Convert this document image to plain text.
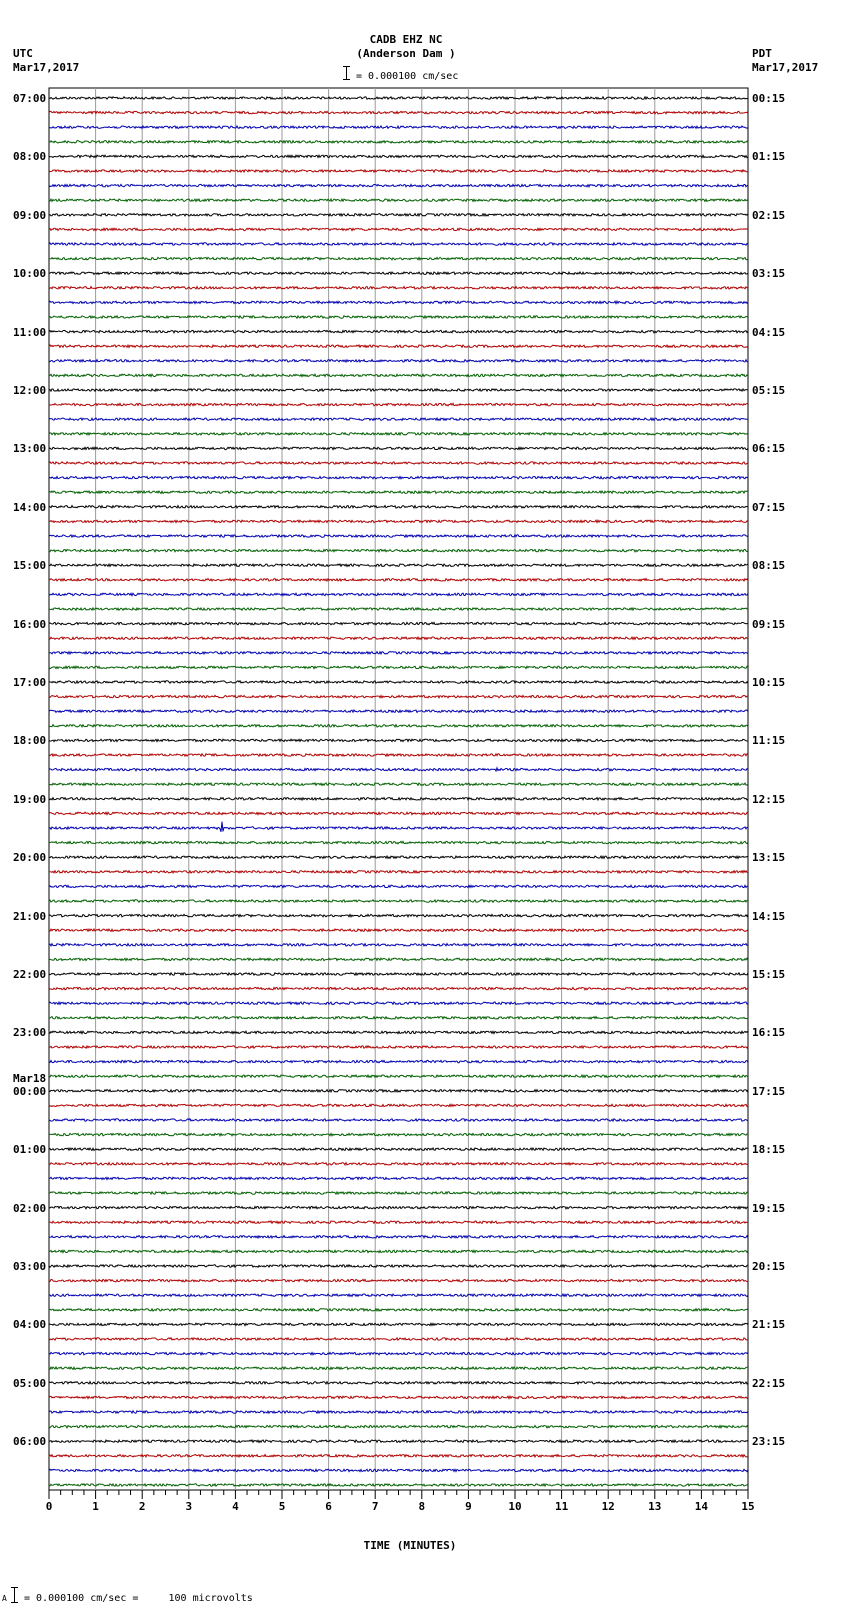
CADB EHZ NC
(Anderson Dam )
= 0.000100 cm/sec
UTC
Mar17,2017
PDT
Mar17,2017
0	1	2	3	4	5	6	7	8	9	10	11	12	13	14	15
07:00
08:00
09:00
10:00
11:00
12:00
13:00
14:00
15:00
16:00
17:00
18:00
19:00
20:00
21:00
22:00
23:00
00:00
Mar18
01:00
02:00
03:00
04:00
05:00
06:00
00:15
01:15
02:15
03:15
04:15
05:15
06:15
07:15
08:15
09:15
10:15
11:15
12:15
13:15
14:15
15:15
16:15
17:15
18:15
19:15
20:15
21:15
22:15
23:15
TIME (MINUTES)
A = 0.000100 cm/sec =     100 microvolts
